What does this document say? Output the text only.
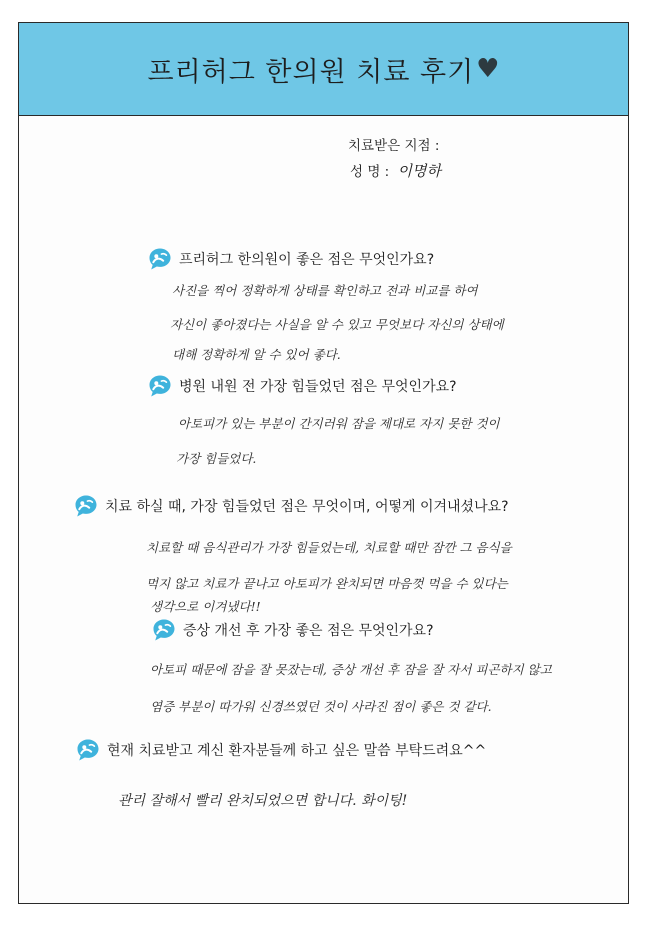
프리허그 한의원 치료 후기 ♥
치료받은 지점 :
성 명 : 이명하
프리허그 한의원이 좋은 점은 무엇인가요?
사진을 찍어 정확하게 상태를 확인하고 전과 비교를 하여
자신이 좋아졌다는 사실을 알 수 있고 무엇보다 자신의 상태에
대해 정확하게 알 수 있어 좋다.
병원 내원 전 가장 힘들었던 점은 무엇인가요?
아토피가 있는 부분이 간지러워 잠을 제대로 자지 못한 것이
가장 힘들었다.
치료 하실 때, 가장 힘들었던 점은 무엇이며, 어떻게 이겨내셨나요?
치료할 때 음식관리가 가장 힘들었는데, 치료할 때만 잠깐 그 음식을
먹지 않고 치료가 끝나고 아토피가 완치되면 마음껏 먹을 수 있다는
생각으로 이겨냈다!!
증상 개선 후 가장 좋은 점은 무엇인가요?
아토피 때문에 잠을 잘 못잤는데, 증상 개선 후 잠을 잘 자서 피곤하지 않고
염증 부분이 따가워 신경쓰였던 것이 사라진 점이 좋은 것 같다.
현재 치료받고 계신 환자분들께 하고 싶은 말씀 부탁드려요^^
관리 잘해서 빨리 완치되었으면 합니다. 화이팅!
